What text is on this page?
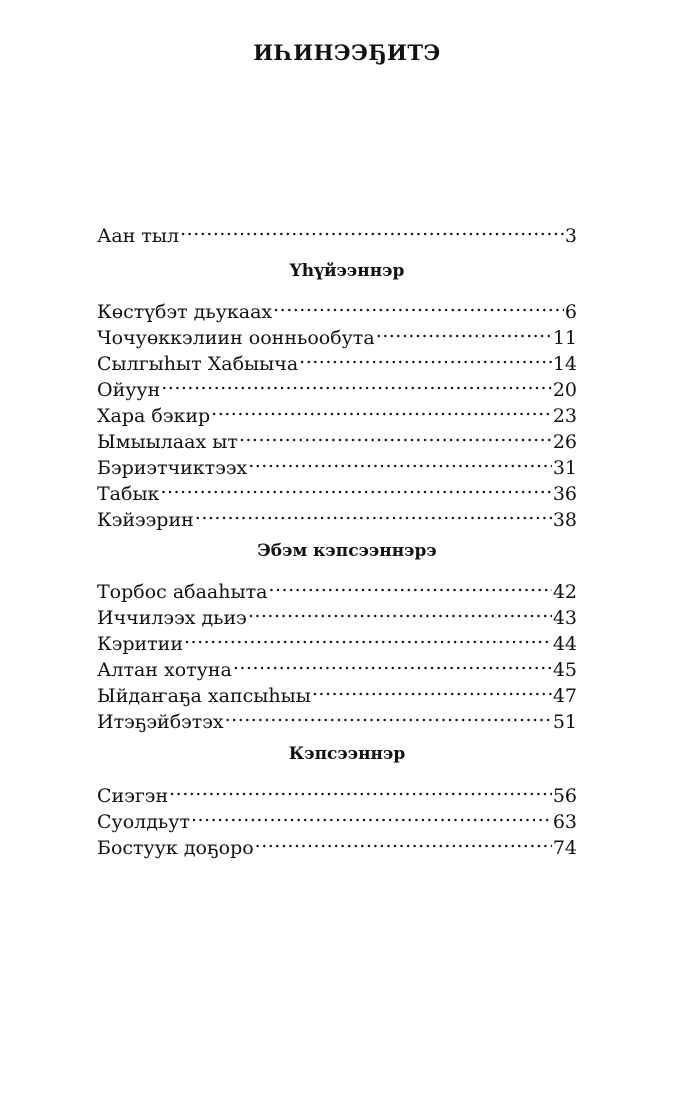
ИҺИНЭЭҔИТЭ
Аан тыл .....	3
Үһүйээннэр
Көстүбэт дьукаах .....	6
Чочуөккэлиин оонньообута .....	11
Сылгыһыт Хабыыча .....	14
Ойуун .....	20
Хара бэкир .....	23
Ымыылаах ыт .....	26
Бэриэтчиктээх .....	31
Табык .....	36
Кэйээрин .....	38
Эбэм кэпсээннэрэ
Торбос абааһыта .....	42
Иччилээх дьиэ .....	43
Кэритии .....	44
Алтан хотуна .....	45
Ыйдаҥаҕа хапсыһыы .....	47
Итэҕэйбэтэх .....	51
Кэпсээннэр
Сиэгэн .....	56
Суолдьут .....	63
Бостуук доҕоро .....	74
